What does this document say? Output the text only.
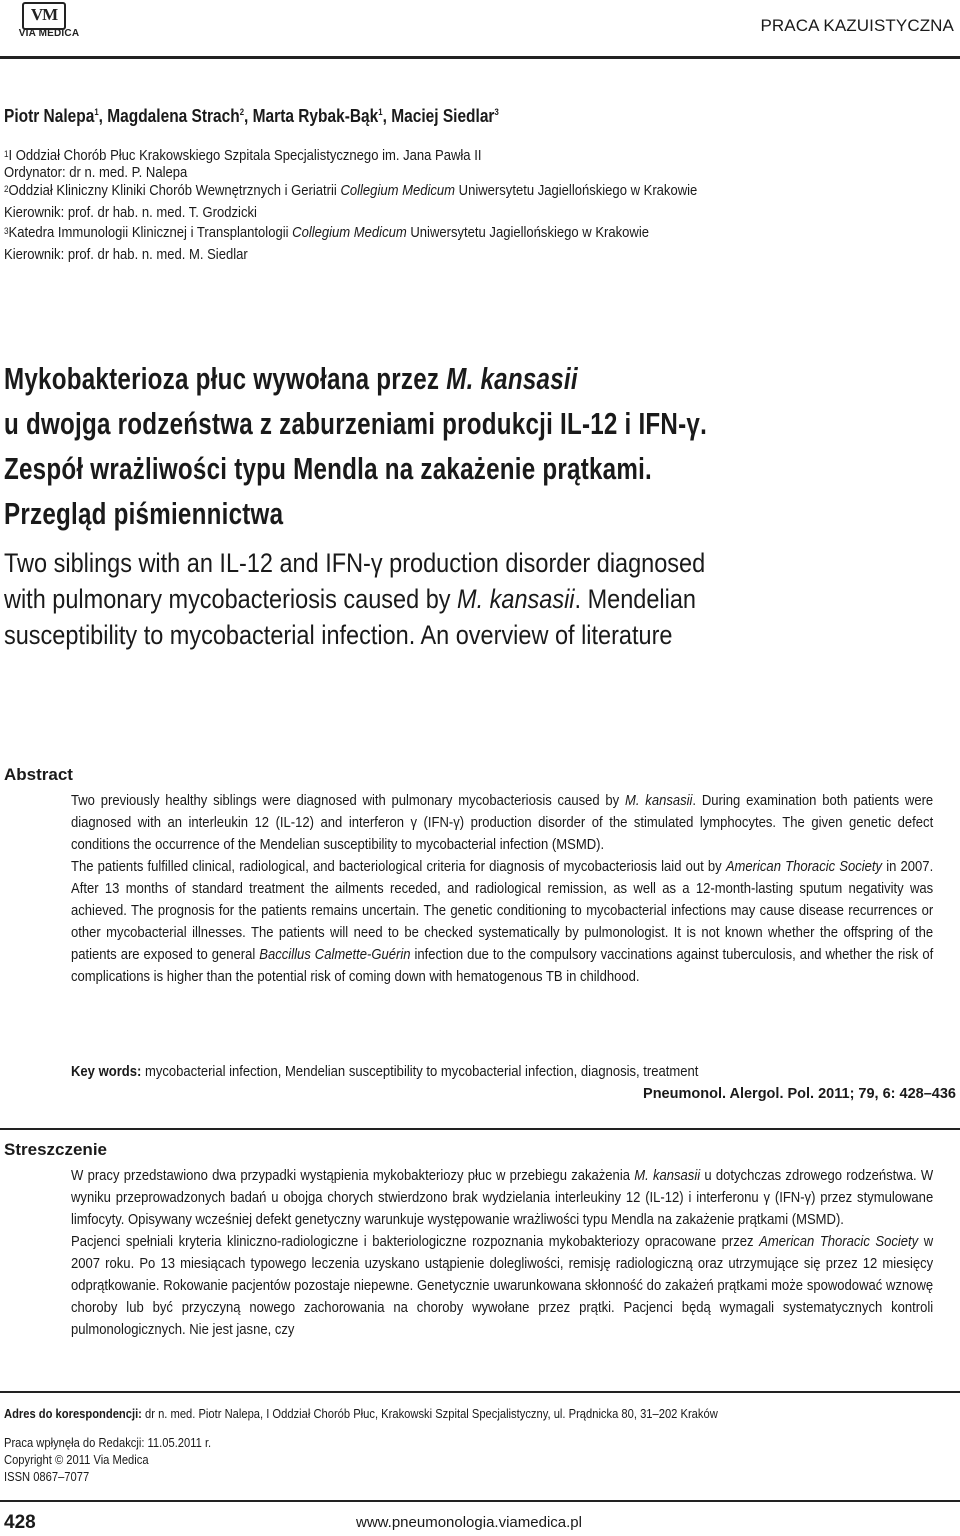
VM
VIA MEDICA	PRACA KAZUISTYCZNA
Piotr Nalepa$^1$, Magdalena Strach$^2$, Marta Rybak-Bąk$^1$, Maciej Siedlar$^3$
$^1$I Oddział Chorób Płuc Krakowskiego Szpitala Specjalistycznego im. Jana Pawła II
Ordynator: dr n. med. P. Nalepa
$^2$Oddział Kliniczny Kliniki Chorób Wewnętrznych i Geriatrii Collegium Medicum Uniwersytetu Jagiellońskiego w Krakowie
Kierownik: prof. dr hab. n. med. T. Grodzicki
$^3$Katedra Immunologii Klinicznej i Transplantologii Collegium Medicum Uniwersytetu Jagiellońskiego w Krakowie
Kierownik: prof. dr hab. n. med. M. Siedlar
Mykobakterioza płuc wywołana przez M. kansasii
u dwojga rodzeństwa z zaburzeniami produkcji IL-12 i IFN-γ.
Zespół wrażliwości typu Mendla na zakażenie prątkami.
Przegląd piśmiennictwa
Two siblings with an IL-12 and IFN-γ production disorder diagnosed
with pulmonary mycobacteriosis caused by M. kansasii. Mendelian
susceptibility to mycobacterial infection. An overview of literature
Abstract

Two previously healthy siblings were diagnosed with pulmonary mycobacteriosis caused by M. kansasii. During examination both patients were diagnosed with an interleukin 12 (IL-12) and interferon γ (IFN-γ) production disorder of the stimulated lymphocytes. The given genetic defect conditions the occurrence of the Mendelian susceptibility to mycobacterial infection (MSMD).

The patients fulfilled clinical, radiological, and bacteriological criteria for diagnosis of mycobacteriosis laid out by American Thoracic Society in 2007. After 13 months of standard treatment the ailments receded, and radiological remission, as well as a 12-month-lasting sputum negativity was achieved. The prognosis for the patients remains uncertain. The genetic conditioning to mycobacterial infections may cause disease recurrences or other mycobacterial illnesses. The patients will need to be checked systematically by pulmonologist. It is not known whether the offspring of the patients are exposed to general Baccillus Calmette-Guérin infection due to the compulsory vaccinations against tuberculosis, and whether the risk of complications is higher than the potential risk of coming down with hematogenous TB in childhood.

Key words: mycobacterial infection, Mendelian susceptibility to mycobacterial infection, diagnosis, treatment
Pneumonol. Alergol. Pol. 2011; 79, 6: 428–436
Streszczenie

W pracy przedstawiono dwa przypadki wystąpienia mykobakteriozy płuc w przebiegu zakażenia M. kansasii u dotychczas zdrowego rodzeństwa. W wyniku przeprowadzonych badań u obojga chorych stwierdzono brak wydzielania interleukiny 12 (IL-12) i interferonu γ (IFN-γ) przez stymulowane limfocyty. Opisywany wcześniej defekt genetyczny warunkuje występowanie wrażliwości typu Mendla na zakażenie prątkami (MSMD).

Pacjenci spełniali kryteria kliniczno-radiologiczne i bakteriologiczne rozpoznania mykobakteriozy opracowane przez American Thoracic Society w 2007 roku. Po 13 miesiącach typowego leczenia uzyskano ustąpienie dolegliwości, remisję radiologiczną oraz utrzymujące się przez 12 miesięcy odprątkowanie. Rokowanie pacjentów pozostaje niepewne. Genetycznie uwarunkowana skłonność do zakażeń prątkami może spowodować wznowę choroby lub być przyczyną nowego zachorowania na choroby wywołane przez prątki. Pacjenci będą wymagali systematycznych kontroli pulmonologicznych. Nie jest jasne, czy

Adres do korespondencji: dr n. med. Piotr Nalepa, I Oddział Chorób Płuc, Krakowski Szpital Specjalistyczny, ul. Prądnicka 80, 31–202 Kraków
Praca wpłynęła do Redakcji: 11.05.2011 r.
Copyright © 2011 Via Medica
ISSN 0867–7077
428	www.pneumonologia.viamedica.pl
